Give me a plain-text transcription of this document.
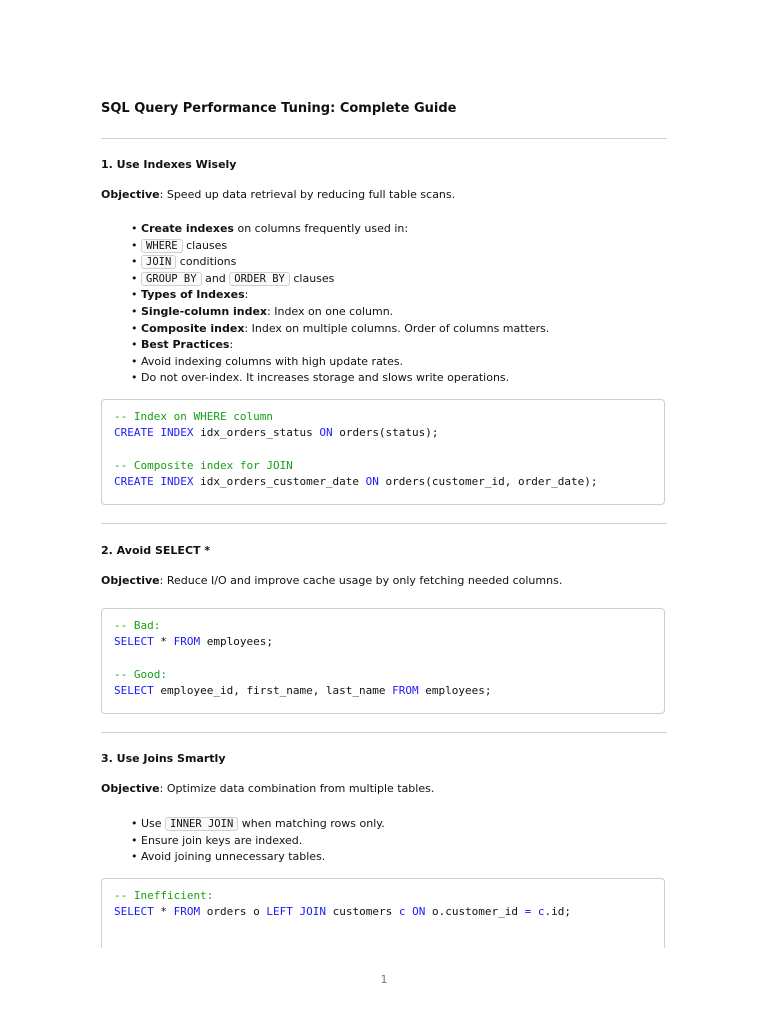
SQL Query Performance Tuning: Complete Guide
1. Use Indexes Wisely
Objective: Speed up data retrieval by reducing full table scans.
• Create indexes on columns frequently used in:
• WHERE clauses
• JOIN conditions
• GROUP BY and ORDER BY clauses
• Types of Indexes:
• Single-column index: Index on one column.
• Composite index: Index on multiple columns. Order of columns matters.
• Best Practices:
• Avoid indexing columns with high update rates.
• Do not over-index. It increases storage and slows write operations.
-- Index on WHERE column
CREATE INDEX idx_orders_status ON orders(status);

-- Composite index for JOIN
CREATE INDEX idx_orders_customer_date ON orders(customer_id, order_date);
2. Avoid SELECT *
Objective: Reduce I/O and improve cache usage by only fetching needed columns.
-- Bad:
SELECT * FROM employees;

-- Good:
SELECT employee_id, first_name, last_name FROM employees;
3. Use Joins Smartly
Objective: Optimize data combination from multiple tables.
• Use INNER JOIN when matching rows only.
• Ensure join keys are indexed.
• Avoid joining unnecessary tables.
-- Inefficient:
SELECT * FROM orders o LEFT JOIN customers c ON o.customer_id = c.id;
1
